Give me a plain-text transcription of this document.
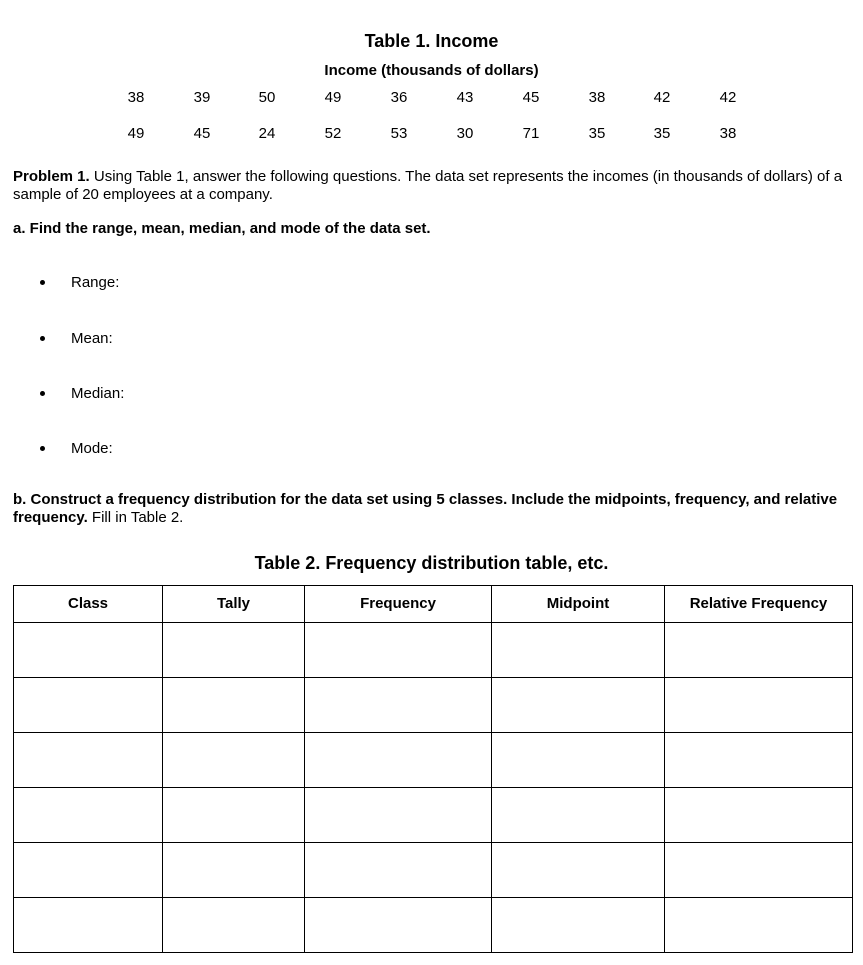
Table 1. Income
Income (thousands of dollars)
38	39	50	49	36	43	45	38	42	42
49	45	24	52	53	30	71	35	35	38
Problem 1. Using Table 1, answer the following questions. The data set represents the incomes (in thousands of dollars) of a sample of 20 employees at a company.
a. Find the range, mean, median, and mode of the data set.
Range:
Mean:
Median:
Mode:
b. Construct a frequency distribution for the data set using 5 classes. Include the midpoints, frequency, and relative frequency. Fill in Table 2.
Table 2. Frequency distribution table, etc.
Class	Tally	Frequency	Midpoint	Relative Frequency
